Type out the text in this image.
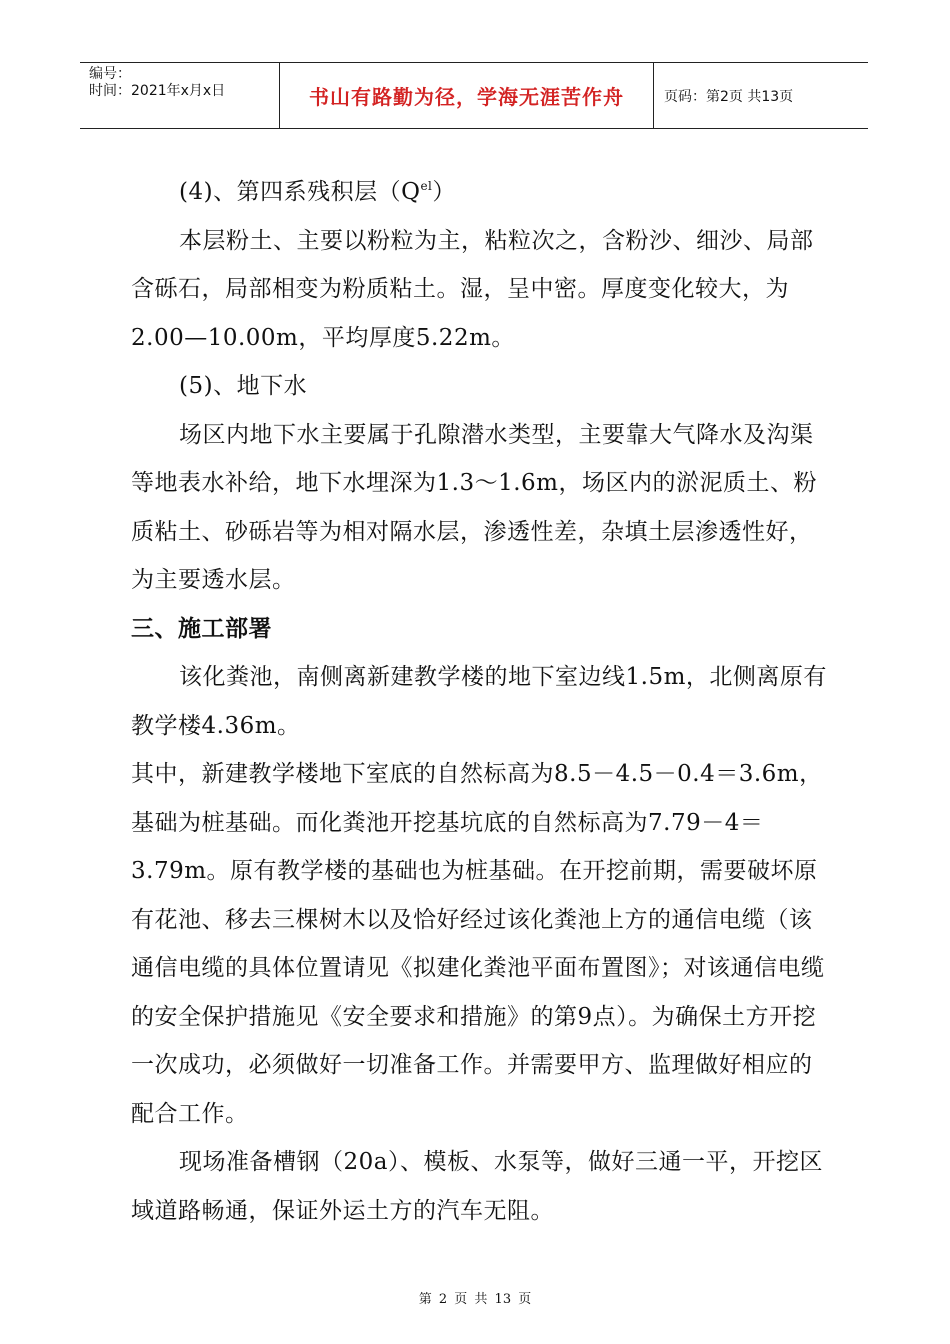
编号：
时间：2021年x月x日	书山有路勤为径，学海无涯苦作舟	页码：第2页 共13页

(4)、第四系残积层$(Q^{el})$

本层粉土、主要以粉粒为主，粘粒次之，含粉沙、细沙、局部含砾石，局部相变为粉质粘土。湿，呈中密。厚度变化较大，为2.00—10.00m，平均厚度5.22m。

(5)、地下水

场区内地下水主要属于孔隙潜水类型，主要靠大气降水及沟渠等地表水补给，地下水埋深为1.3～1.6m，场区内的淤泥质土、粉质粘土、砂砾岩等为相对隔水层，渗透性差，杂填土层渗透性好，为主要透水层。

三、施工部署

该化粪池，南侧离新建教学楼的地下室边线1.5m，北侧离原有教学楼4.36m。

其中，新建教学楼地下室底的自然标高为8.5－4.5－0.4＝3.6m，基础为桩基础。而化粪池开挖基坑底的自然标高为7.79－4＝3.79m。原有教学楼的基础也为桩基础。在开挖前期，需要破坏原有花池、移去三棵树木以及恰好经过该化粪池上方的通信电缆（该通信电缆的具体位置请见《拟建化粪池平面布置图》；对该通信电缆的安全保护措施见《安全要求和措施》的第9点）。为确保土方开挖一次成功，必须做好一切准备工作。并需要甲方、监理做好相应的配合工作。

现场准备槽钢（20a）、模板、水泵等，做好三通一平，开挖区域道路畅通，保证外运土方的汽车无阻。

第 2 页 共 13 页
